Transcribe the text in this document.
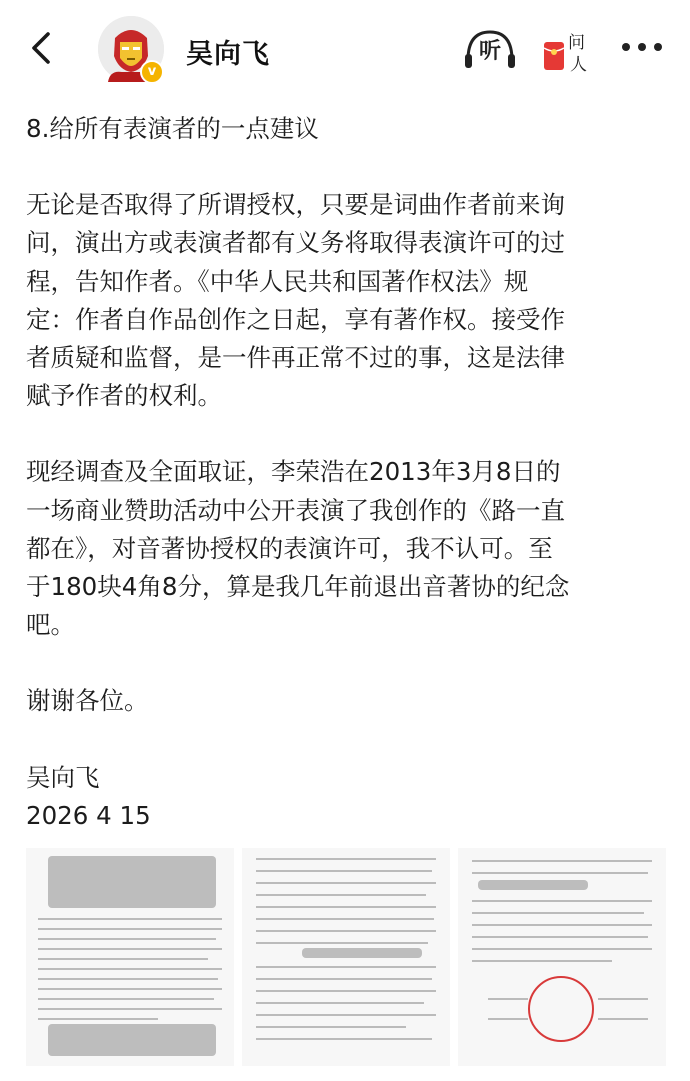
v
吴向飞	听	问
人

8.给所有表演者的一点建议

无论是否取得了所谓授权，只要是词曲作者前来询
问，演出方或表演者都有义务将取得表演许可的过
程，告知作者。《中华人民共和国著作权法》规
定：作者自作品创作之日起，享有著作权。接受作
者质疑和监督，是一件再正常不过的事，这是法律
赋予作者的权利。

现经调查及全面取证，李荣浩在2013年3月8日的
一场商业赞助活动中公开表演了我创作的《路一直
都在》，对音著协授权的表演许可，我不认可。至
于180块4角8分，算是我几年前退出音著协的纪念
吧。

谢谢各位。

吴向飞

2026 4 15
